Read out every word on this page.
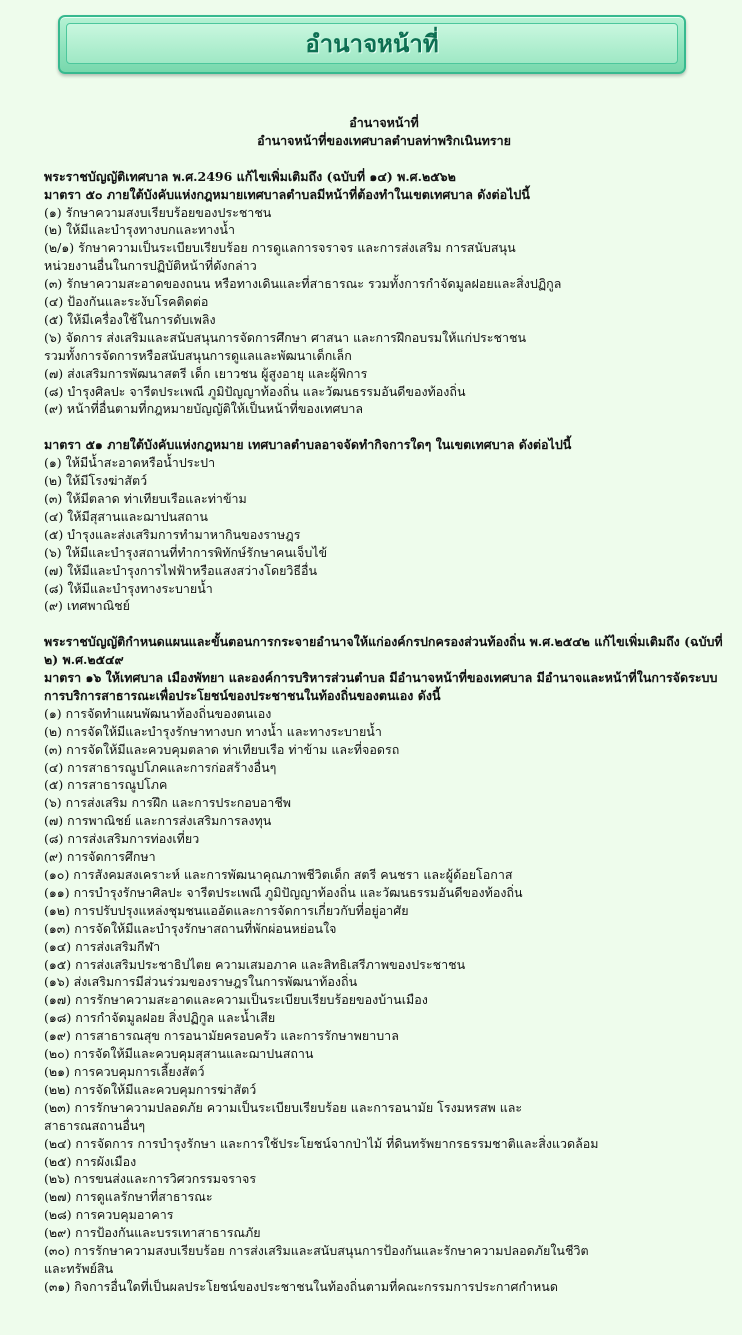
อำนาจหน้าที่
อำนาจหน้าที่
อำนาจหน้าที่ของเทศบาลตำบลท่าพริกเนินทราย
พระราชบัญญัติเทศบาล พ.ศ.2496 แก้ไขเพิ่มเติมถึง (ฉบับที่ ๑๔) พ.ศ.๒๕๖๒
มาตรา ๕๐ ภายใต้บังคับแห่งกฎหมายเทศบาลตำบลมีหน้าที่ต้องทำในเขตเทศบาล ดังต่อไปนี้
(๑) รักษาความสงบเรียบร้อยของประชาชน
(๒) ให้มีและบำรุงทางบกและทางน้ำ
(๒/๑) รักษาความเป็นระเบียบเรียบร้อย การดูแลการจราจร และการส่งเสริม การสนับสนุน
หน่วยงานอื่นในการปฏิบัติหน้าที่ดังกล่าว
(๓) รักษาความสะอาดของถนน หรือทางเดินและที่สาธารณะ รวมทั้งการกำจัดมูลฝอยและสิ่งปฏิกูล
(๔) ป้องกันและระงับโรคติดต่อ
(๕) ให้มีเครื่องใช้ในการดับเพลิง
(๖) จัดการ ส่งเสริมและสนับสนุนการจัดการศึกษา ศาสนา และการฝึกอบรมให้แก่ประชาชน
รวมทั้งการจัดการหรือสนับสนุนการดูแลและพัฒนาเด็กเล็ก
(๗) ส่งเสริมการพัฒนาสตรี เด็ก เยาวชน ผู้สูงอายุ และผู้พิการ
(๘) บำรุงศิลปะ จารีตประเพณี ภูมิปัญญาท้องถิ่น และวัฒนธรรมอันดีของท้องถิ่น
(๙) หน้าที่อื่นตามที่กฎหมายบัญญัติให้เป็นหน้าที่ของเทศบาล
มาตรา ๕๑ ภายใต้บังคับแห่งกฎหมาย เทศบาลตำบลอาจจัดทำกิจการใดๆ ในเขตเทศบาล ดังต่อไปนี้
(๑) ให้มีน้ำสะอาดหรือน้ำประปา
(๒) ให้มีโรงฆ่าสัตว์
(๓) ให้มีตลาด ท่าเทียบเรือและท่าข้าม
(๔) ให้มีสุสานและฌาปนสถาน
(๕) บำรุงและส่งเสริมการทำมาหากินของราษฎร
(๖) ให้มีและบำรุงสถานที่ทำการพิทักษ์รักษาคนเจ็บไข้
(๗) ให้มีและบำรุงการไฟฟ้าหรือแสงสว่างโดยวิธีอื่น
(๘) ให้มีและบำรุงทางระบายน้ำ
(๙) เทศพาณิชย์
พระราชบัญญัติกำหนดแผนและขั้นตอนการกระจายอำนาจให้แก่องค์กรปกครองส่วนท้องถิ่น พ.ศ.๒๕๔๒ แก้ไขเพิ่มเติมถึง (ฉบับที่ ๒) พ.ศ.๒๕๔๙
มาตรา ๑๖ ให้เทศบาล เมืองพัทยา และองค์การบริหารส่วนตำบล มีอำนาจหน้าที่ของเทศบาล มีอำนาจและหน้าที่ในการจัดระบบการบริการสาธารณะเพื่อประโยชน์ของประชาชนในท้องถิ่นของตนเอง ดังนี้
(๑) การจัดทำแผนพัฒนาท้องถิ่นของตนเอง
(๒) การจัดให้มีและบำรุงรักษาทางบก ทางน้ำ และทางระบายน้ำ
(๓) การจัดให้มีและควบคุมตลาด ท่าเทียบเรือ ท่าข้าม และที่จอดรถ
(๔) การสาธารณูปโภคและการก่อสร้างอื่นๆ
(๕) การสาธารณูปโภค
(๖) การส่งเสริม การฝึก และการประกอบอาชีพ
(๗) การพาณิชย์ และการส่งเสริมการลงทุน
(๘) การส่งเสริมการท่องเที่ยว
(๙) การจัดการศึกษา
(๑๐) การสังคมสงเคราะห์ และการพัฒนาคุณภาพชีวิตเด็ก สตรี คนชรา และผู้ด้อยโอกาส
(๑๑) การบำรุงรักษาศิลปะ จารีตประเพณี ภูมิปัญญาท้องถิ่น และวัฒนธรรมอันดีของท้องถิ่น
(๑๒) การปรับปรุงแหล่งชุมชนแออัดและการจัดการเกี่ยวกับที่อยู่อาศัย
(๑๓) การจัดให้มีและบำรุงรักษาสถานที่พักผ่อนหย่อนใจ
(๑๔) การส่งเสริมกีฬา
(๑๕) การส่งเสริมประชาธิปไตย ความเสมอภาค และสิทธิเสรีภาพของประชาชน
(๑๖) ส่งเสริมการมีส่วนร่วมของราษฎรในการพัฒนาท้องถิ่น
(๑๗) การรักษาความสะอาดและความเป็นระเบียบเรียบร้อยของบ้านเมือง
(๑๘) การกำจัดมูลฝอย สิ่งปฏิกูล และน้ำเสีย
(๑๙) การสาธารณสุข การอนามัยครอบครัว และการรักษาพยาบาล
(๒๐) การจัดให้มีและควบคุมสุสานและฌาปนสถาน
(๒๑) การควบคุมการเลี้ยงสัตว์
(๒๒) การจัดให้มีและควบคุมการฆ่าสัตว์
(๒๓) การรักษาความปลอดภัย ความเป็นระเบียบเรียบร้อย และการอนามัย โรงมหรสพ และ
สาธารณสถานอื่นๆ
(๒๔) การจัดการ การบำรุงรักษา และการใช้ประโยชน์จากป่าไม้ ที่ดินทรัพยากรธรรมชาติและสิ่งแวดล้อม
(๒๕) การผังเมือง
(๒๖) การขนส่งและการวิศวกรรมจราจร
(๒๗) การดูแลรักษาที่สาธารณะ
(๒๘) การควบคุมอาคาร
(๒๙) การป้องกันและบรรเทาสาธารณภัย
(๓๐) การรักษาความสงบเรียบร้อย การส่งเสริมและสนับสนุนการป้องกันและรักษาความปลอดภัยในชีวิต
และทรัพย์สิน
(๓๑) กิจการอื่นใดที่เป็นผลประโยชน์ของประชาชนในท้องถิ่นตามที่คณะกรรมการประกาศกำหนด
